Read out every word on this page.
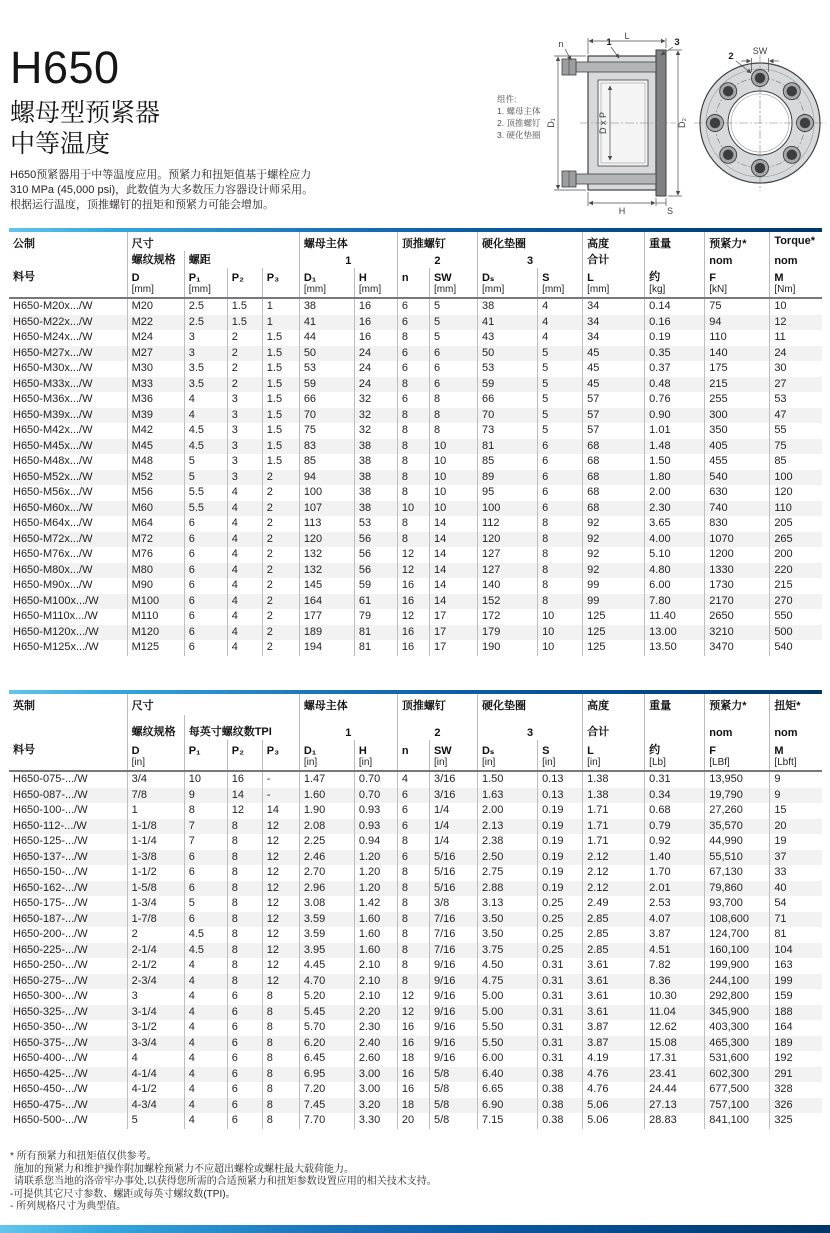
H650
螺母型预紧器
中等温度
H650预紧器用于中等温度应用。预紧力和扭矩值基于螺栓应力
310 MPa (45,000 psi)，此数值为大多数压力容器设计师采用。
根据运行温度，顶推螺钉的扭矩和预紧力可能会增加。
组件:
1. 螺母主体
2. 顶推螺钉
3. 硬化垫圈
L
n	1	3
D₁	D x P	D₂
H	S
SW
2
公制	尺寸				螺母主体		顶推螺钉		硬化垫圈		高度	重量	预紧力*	Torque*
	螺纹规格	螺距			1		2		3		合计		nom	nom
料号	D	P₁	P₂	P₃	D₁	H	n	SW	Dₛ	S	L	约	F	M
	[mm]	[mm]			[mm]	[mm]		[mm]	[mm]	[mm]	[mm]	[kg]	[kN]	[Nm]
H650-M20x.../W	M20	2.5	1.5	1	38	16	6	5	38	4	34	0.14	75	10
H650-M22x.../W	M22	2.5	1.5	1	41	16	6	5	41	4	34	0.16	94	12
H650-M24x.../W	M24	3	2	1.5	44	16	8	5	43	4	34	0.19	110	11
H650-M27x.../W	M27	3	2	1.5	50	24	6	6	50	5	45	0.35	140	24
H650-M30x.../W	M30	3.5	2	1.5	53	24	6	6	53	5	45	0.37	175	30
H650-M33x.../W	M33	3.5	2	1.5	59	24	8	6	59	5	45	0.48	215	27
H650-M36x.../W	M36	4	3	1.5	66	32	6	8	66	5	57	0.76	255	53
H650-M39x.../W	M39	4	3	1.5	70	32	8	8	70	5	57	0.90	300	47
H650-M42x.../W	M42	4.5	3	1.5	75	32	8	8	73	5	57	1.01	350	55
H650-M45x.../W	M45	4.5	3	1.5	83	38	8	10	81	6	68	1.48	405	75
H650-M48x.../W	M48	5	3	1.5	85	38	8	10	85	6	68	1.50	455	85
H650-M52x.../W	M52	5	3	2	94	38	8	10	89	6	68	1.80	540	100
H650-M56x.../W	M56	5.5	4	2	100	38	8	10	95	6	68	2.00	630	120
H650-M60x.../W	M60	5.5	4	2	107	38	10	10	100	6	68	2.30	740	110
H650-M64x.../W	M64	6	4	2	113	53	8	14	112	8	92	3.65	830	205
H650-M72x.../W	M72	6	4	2	120	56	8	14	120	8	92	4.00	1070	265
H650-M76x.../W	M76	6	4	2	132	56	12	14	127	8	92	5.10	1200	200
H650-M80x.../W	M80	6	4	2	132	56	12	14	127	8	92	4.80	1330	220
H650-M90x.../W	M90	6	4	2	145	59	16	14	140	8	99	6.00	1730	215
H650-M100x.../W	M100	6	4	2	164	61	16	14	152	8	99	7.80	2170	270
H650-M110x.../W	M110	6	4	2	177	79	12	17	172	10	125	11.40	2650	550
H650-M120x.../W	M120	6	4	2	189	81	16	17	179	10	125	13.00	3210	500
H650-M125x.../W	M125	6	4	2	194	81	16	17	190	10	125	13.50	3470	540
英制	尺寸				螺母主体		顶推螺钉		硬化垫圈		高度	重量	预紧力*	扭矩*
	螺纹规格	每英寸螺纹数TPI			1		2		3		合计		nom	nom
料号	D	P₁	P₂	P₃	D₁	H	n	SW	Dₛ	S	L	约	F	M
	[in]				[in]	[in]		[in]	[in]	[in]	[in]	[Lb]	[LBf]	[Lbft]
H650-075-.../W	3/4	10	16	-	1.47	0.70	4	3/16	1.50	0.13	1.38	0.31	13,950	9
H650-087-.../W	7/8	9	14	-	1.60	0.70	6	3/16	1.63	0.13	1.38	0.34	19,790	9
H650-100-.../W	1	8	12	14	1.90	0.93	6	1/4	2.00	0.19	1.71	0.68	27,260	15
H650-112-.../W	1-1/8	7	8	12	2.08	0.93	6	1/4	2.13	0.19	1.71	0.79	35,570	20
H650-125-.../W	1-1/4	7	8	12	2.25	0.94	8	1/4	2.38	0.19	1.71	0.92	44,990	19
H650-137-.../W	1-3/8	6	8	12	2.46	1.20	6	5/16	2.50	0.19	2.12	1.40	55,510	37
H650-150-.../W	1-1/2	6	8	12	2.70	1.20	8	5/16	2.75	0.19	2.12	1.70	67,130	33
H650-162-.../W	1-5/8	6	8	12	2.96	1.20	8	5/16	2.88	0.19	2.12	2.01	79,860	40
H650-175-.../W	1-3/4	5	8	12	3.08	1.42	8	3/8	3.13	0.25	2.49	2.53	93,700	54
H650-187-.../W	1-7/8	6	8	12	3.59	1.60	8	7/16	3.50	0.25	2.85	4.07	108,600	71
H650-200-.../W	2	4.5	8	12	3.59	1.60	8	7/16	3.50	0.25	2.85	3.87	124,700	81
H650-225-.../W	2-1/4	4.5	8	12	3.95	1.60	8	7/16	3.75	0.25	2.85	4.51	160,100	104
H650-250-.../W	2-1/2	4	8	12	4.45	2.10	8	9/16	4.50	0.31	3.61	7.82	199,900	163
H650-275-.../W	2-3/4	4	8	12	4.70	2.10	8	9/16	4.75	0.31	3.61	8.36	244,100	199
H650-300-.../W	3	4	6	8	5.20	2.10	12	9/16	5.00	0.31	3.61	10.30	292,800	159
H650-325-.../W	3-1/4	4	6	8	5.45	2.20	12	9/16	5.00	0.31	3.61	11.04	345,900	188
H650-350-.../W	3-1/2	4	6	8	5.70	2.30	16	9/16	5.50	0.31	3.87	12.62	403,300	164
H650-375-.../W	3-3/4	4	6	8	6.20	2.40	16	9/16	5.50	0.31	3.87	15.08	465,300	189
H650-400-.../W	4	4	6	8	6.45	2.60	18	9/16	6.00	0.31	4.19	17.31	531,600	192
H650-425-.../W	4-1/4	4	6	8	6.95	3.00	16	5/8	6.40	0.38	4.76	23.41	602,300	291
H650-450-.../W	4-1/2	4	6	8	7.20	3.00	16	5/8	6.65	0.38	4.76	24.44	677,500	328
H650-475-.../W	4-3/4	4	6	8	7.45	3.20	18	5/8	6.90	0.38	5.06	27.13	757,100	326
H650-500-.../W	5	4	6	8	7.70	3.30	20	5/8	7.15	0.38	5.06	28.83	841,100	325
* 所有预紧力和扭矩值仅供参考。
施加的预紧力和维护操作附加螺栓预紧力不应超出螺栓或螺柱最大载荷能力。
请联系您当地的洛帝牢办事处,以获得您所需的合适预紧力和扭矩参数设置应用的相关技术支持。
-可提供其它尺寸参数、螺距或每英寸螺纹数(TPI)。
- 所列规格尺寸为典型值。
